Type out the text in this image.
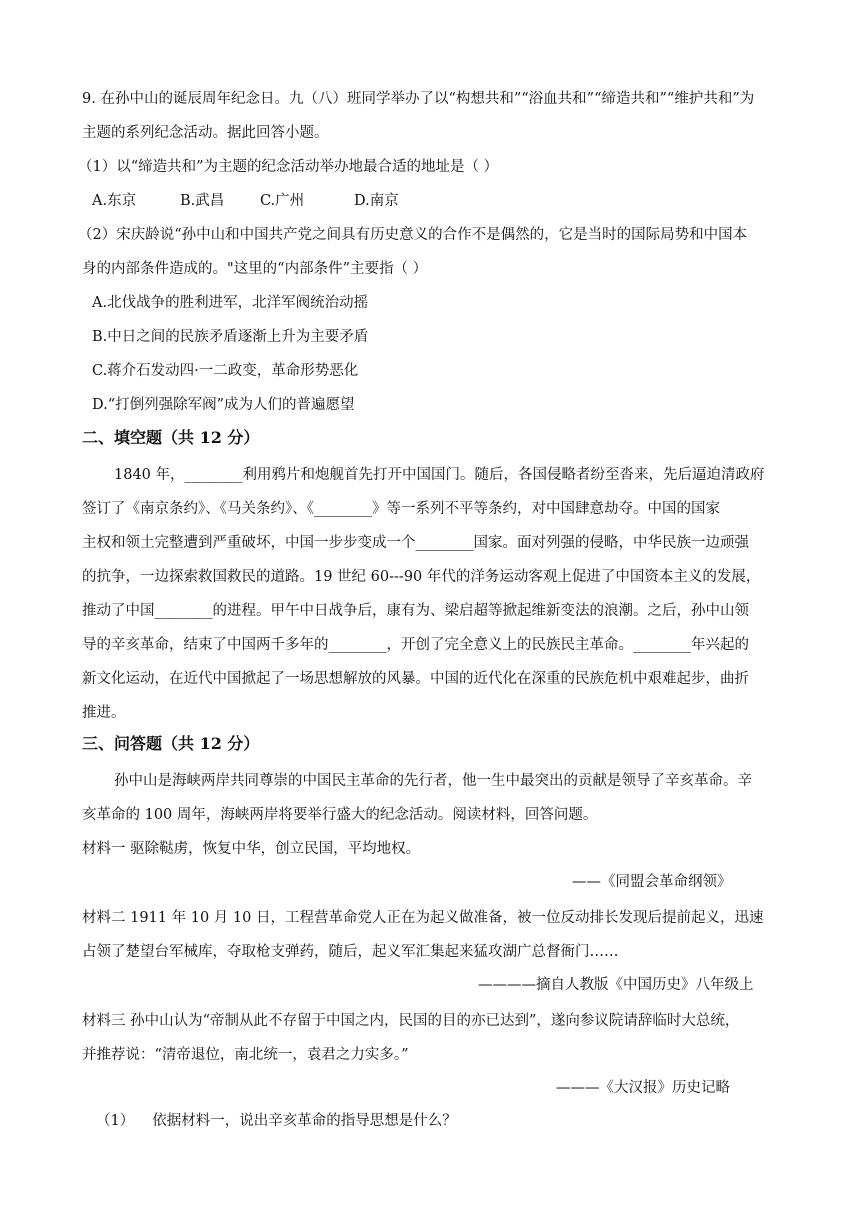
9. 在孙中山的诞辰周年纪念日。九（八）班同学举办了以“构想共和”“浴血共和”“缔造共和”“维护共和”为
主题的系列纪念活动。据此回答小题。
（1）以“缔造共和”为主题的纪念活动举办地最合适的地址是（ ）
A.东京	B.武昌 C.广州	D.南京
（2）宋庆龄说“孙中山和中国共产党之间具有历史意义的合作不是偶然的，它是当时的国际局势和中国本
身的内部条件造成的。"这里的“内部条件”主要指（ ）
A.北伐战争的胜利进军，北洋军阀统治动摇
B.中日之间的民族矛盾逐渐上升为主要矛盾
C.蒋介石发动四·一二政变，革命形势恶化
D.“打倒列强除军阀”成为人们的普遍愿望
二、填空题（共 12 分）
1840 年，________利用鸦片和炮舰首先打开中国国门。随后，各国侵略者纷至沓来，先后逼迫清政府
签订了《南京条约》、《马关条约》、《________》等一系列不平等条约，对中国肆意劫夺。中国的国家
主权和领土完整遭到严重破坏，中国一步步变成一个________国家。面对列强的侵略，中华民族一边顽强
的抗争，一边探索救国救民的道路。19 世纪 60---90 年代的洋务运动客观上促进了中国资本主义的发展，
推动了中国________的进程。甲午中日战争后，康有为、梁启超等掀起维新变法的浪潮。之后，孙中山领
导的辛亥革命，结束了中国两千多年的________，开创了完全意义上的民族民主革命。________年兴起的
新文化运动，在近代中国掀起了一场思想解放的风暴。中国的近代化在深重的民族危机中艰难起步，曲折
推进。
三、问答题（共 12 分）
孙中山是海峡两岸共同尊崇的中国民主革命的先行者，他一生中最突出的贡献是领导了辛亥革命。辛
亥革命的 100 周年，海峡两岸将要举行盛大的纪念活动。阅读材料，回答问题。
材料一 驱除鞑虏，恢复中华，创立民国，平均地权。
——《同盟会革命纲领》
材料二 1911 年 10 月 10 日，工程营革命党人正在为起义做准备，被一位反动排长发现后提前起义，迅速
占领了楚望台军械库，夺取枪支弹药，随后，起义军汇集起来猛攻湖广总督衙门……
————摘自人教版《中国历史》八年级上
材料三 孙中山认为“帝制从此不存留于中国之内，民国的目的亦已达到”，遂向参议院请辞临时大总统，
并推荐说：“清帝退位，南北统一，袁君之力实多。”
———《大汉报》历史记略
（1） 依据材料一，说出辛亥革命的指导思想是什么？
